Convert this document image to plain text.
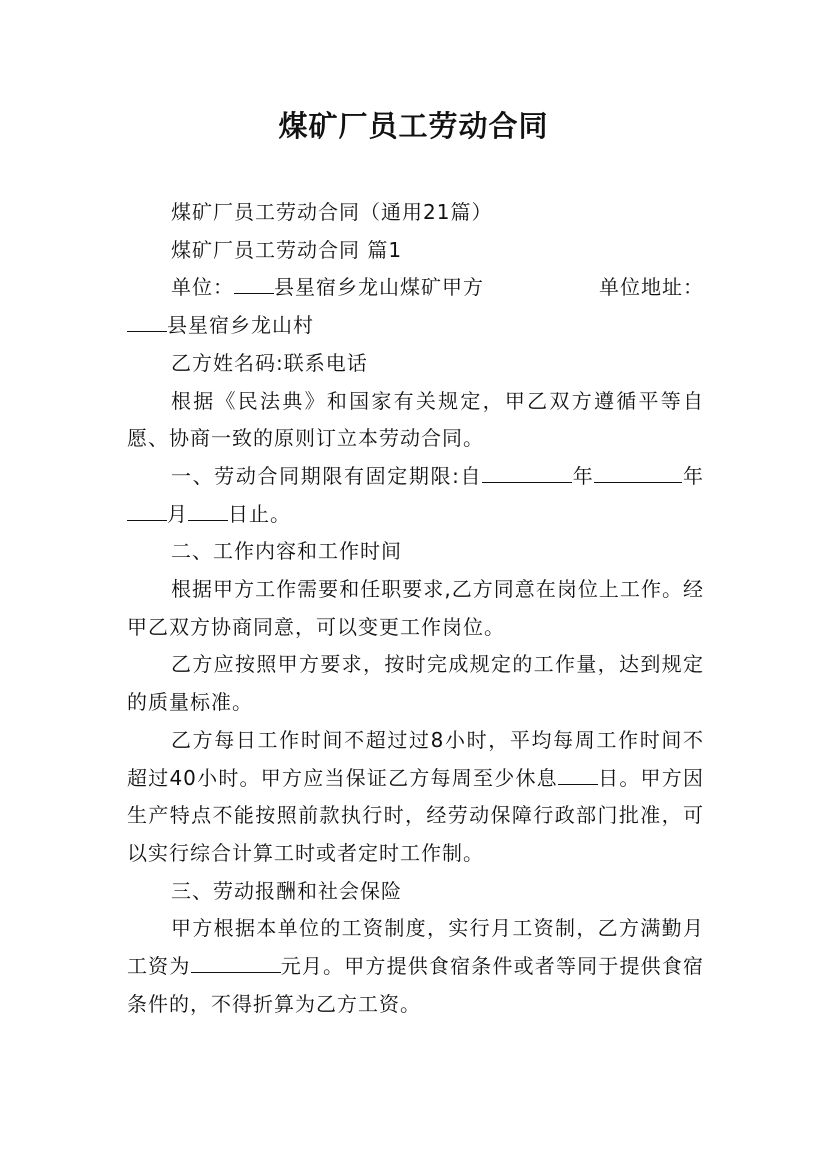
煤矿厂员工劳动合同

煤矿厂员工劳动合同（通用21篇）

煤矿厂员工劳动合同 篇1

单位： 县星宿乡龙山煤矿甲方	单位地址：

县星宿乡龙山村

乙方姓名码:联系电话

根据《民法典》和国家有关规定，甲乙双方遵循平等自愿、协商一致的原则订立本劳动合同。

一、劳动合同期限有固定期限:自	年	年月 日止。

二、工作内容和工作时间

根据甲方工作需要和任职要求,乙方同意在岗位上工作。经甲乙双方协商同意，可以变更工作岗位。

乙方应按照甲方要求，按时完成规定的工作量，达到规定的质量标准。

乙方每日工作时间不超过过8小时，平均每周工作时间不超过40小时。甲方应当保证乙方每周至少休息 日。甲方因生产特点不能按照前款执行时，经劳动保障行政部门批准，可以实行综合计算工时或者定时工作制。

三、劳动报酬和社会保险

甲方根据本单位的工资制度，实行月工资制，乙方满勤月工资为	元月。甲方提供食宿条件或者等同于提供食宿条件的，不得折算为乙方工资。
